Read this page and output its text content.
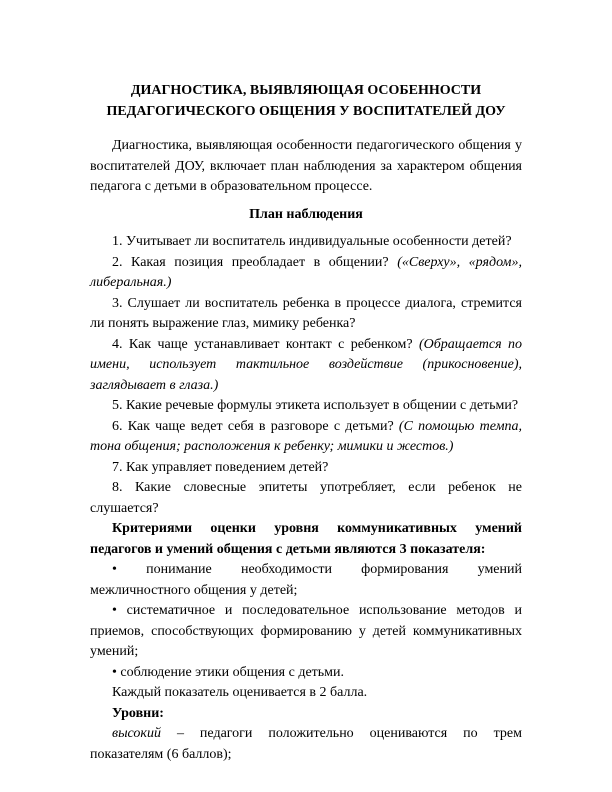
ДИАГНОСТИКА, ВЫЯВЛЯЮЩАЯ ОСОБЕННОСТИ
ПЕДАГОГИЧЕСКОГО ОБЩЕНИЯ У ВОСПИТАТЕЛЕЙ ДОУ

Диагностика, выявляющая особенности педагогического общения у воспитателей ДОУ, включает план наблюдения за характером общения педагога с детьми в образовательном процессе.

План наблюдения

1. Учитывает ли воспитатель индивидуальные особенности детей?

2. Какая позиция преобладает в общении? («Сверху», «рядом», либеральная.)

3. Слушает ли воспитатель ребенка в процессе диалога, стремится ли понять выражение глаз, мимику ребенка?

4. Как чаще устанавливает контакт с ребенком? (Обращается по имени, использует тактильное воздействие (прикосновение), заглядывает в глаза.)

5. Какие речевые формулы этикета использует в общении с детьми?

6. Как чаще ведет себя в разговоре с детьми? (С помощью темпа, тона общения; расположения к ребенку; мимики и жестов.)

7. Как управляет поведением детей?

8. Какие словесные эпитеты употребляет, если ребенок не слушается?

Критериями оценки уровня коммуникативных умений педагогов и умений общения с детьми являются 3 показателя:

• понимание необходимости формирования умений межличностного общения у детей;

• систематичное и последовательное использование методов и приемов, способствующих формированию у детей коммуникативных умений;

• соблюдение этики общения с детьми.

Каждый показатель оценивается в 2 балла.

Уровни:

высокий – педагоги положительно оцениваются по трем показателям (6 баллов);
